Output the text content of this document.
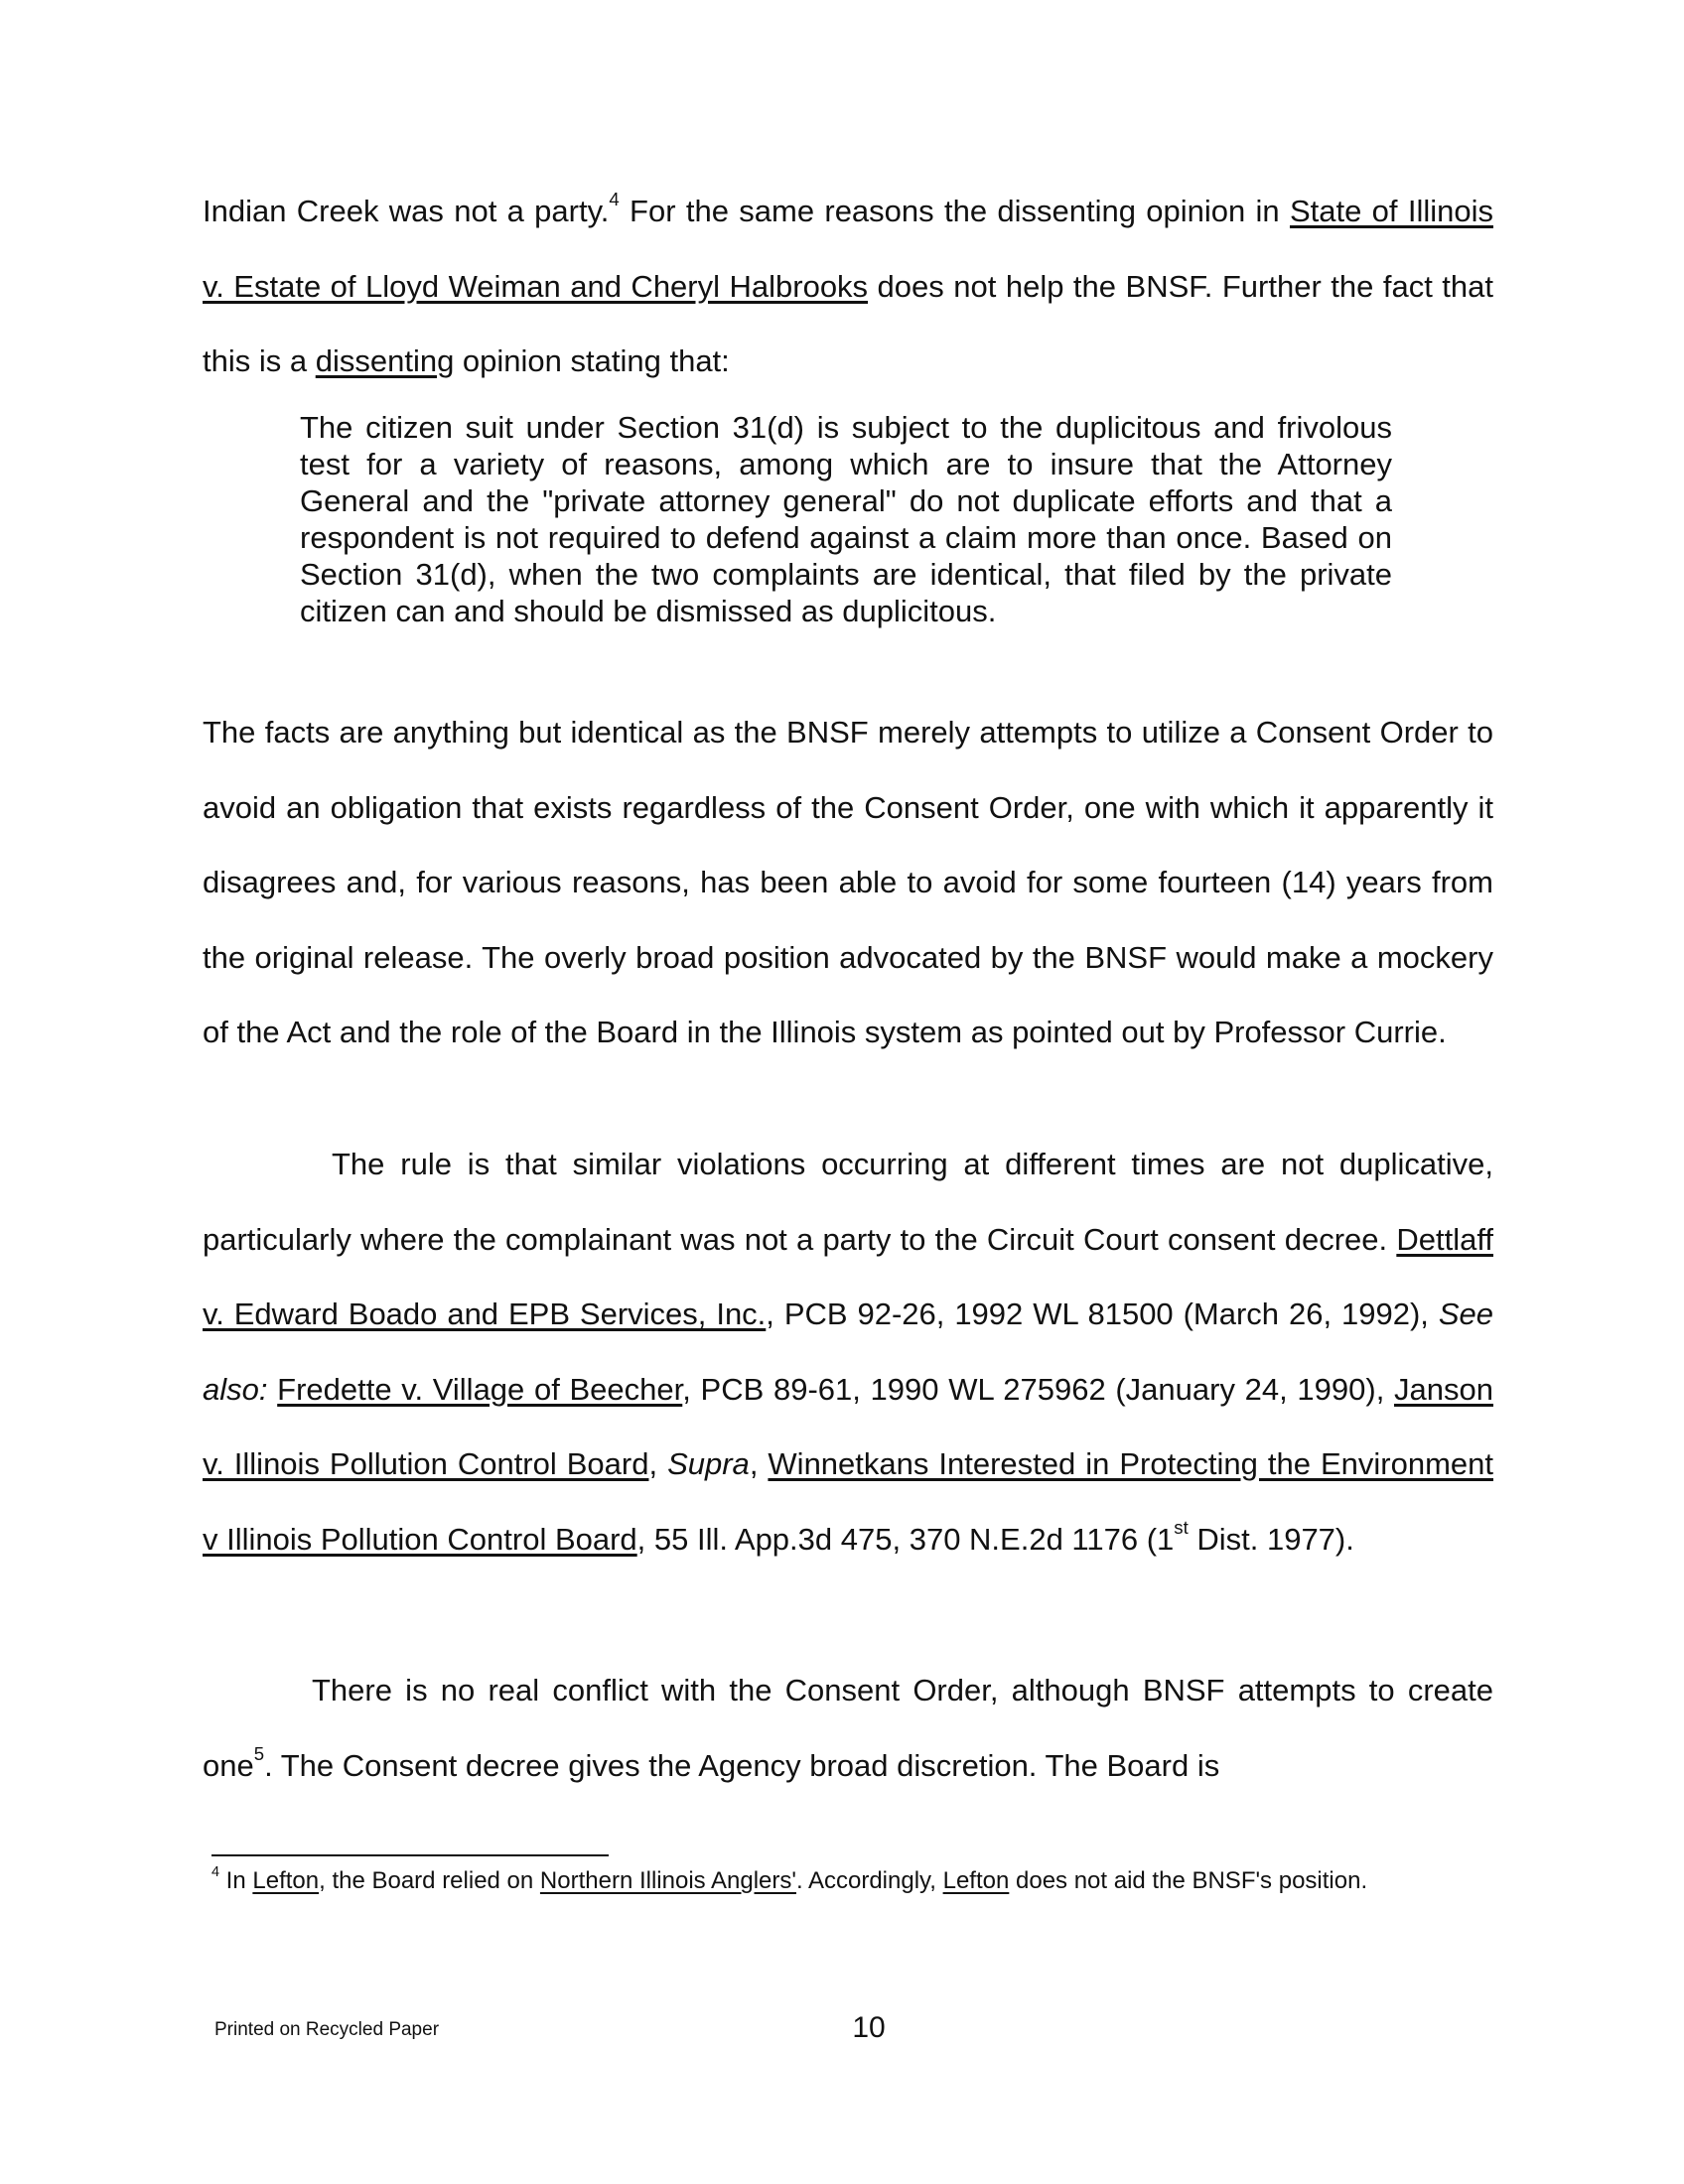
Indian Creek was not a party.$^4$ For the same reasons the dissenting opinion in State of Illinois v. Estate of Lloyd Weiman and Cheryl Halbrooks does not help the BNSF. Further the fact that this is a dissenting opinion stating that:
The citizen suit under Section 31(d) is subject to the duplicitous and frivolous test for a variety of reasons, among which are to insure that the Attorney General and the "private attorney general" do not duplicate efforts and that a respondent is not required to defend against a claim more than once. Based on Section 31(d), when the two complaints are identical, that filed by the private citizen can and should be dismissed as duplicitous.
The facts are anything but identical as the BNSF merely attempts to utilize a Consent Order to avoid an obligation that exists regardless of the Consent Order, one with which it apparently it disagrees and, for various reasons, has been able to avoid for some fourteen (14) years from the original release. The overly broad position advocated by the BNSF would make a mockery of the Act and the role of the Board in the Illinois system as pointed out by Professor Currie.
The rule is that similar violations occurring at different times are not duplicative, particularly where the complainant was not a party to the Circuit Court consent decree. Dettlaff v. Edward Boado and EPB Services, Inc., PCB 92-26, 1992 WL 81500 (March 26, 1992), See also: Fredette v. Village of Beecher, PCB 89-61, 1990 WL 275962 (January 24, 1990), Janson v. Illinois Pollution Control Board, Supra, Winnetkans Interested in Protecting the Environment v Illinois Pollution Control Board, 55 Ill. App.3d 475, 370 N.E.2d 1176 (1st Dist. 1977).
There is no real conflict with the Consent Order, although BNSF attempts to create one$^5$. The Consent decree gives the Agency broad discretion. The Board is
$^4$ In Lefton, the Board relied on Northern Illinois Anglers'. Accordingly, Lefton does not aid the BNSF's position.
Printed on Recycled Paper	10
